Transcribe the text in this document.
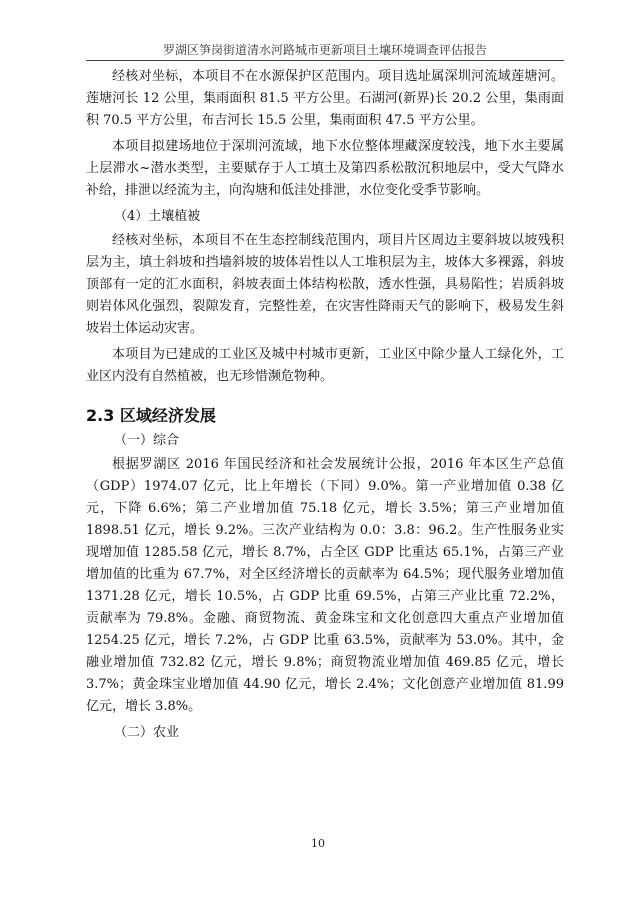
罗湖区笋岗街道清水河路城市更新项目土壤环境调查评估报告

经核对坐标，本项目不在水源保护区范围内。项目选址属深圳河流域莲塘河。莲塘河长 12 公里，集雨面积 81.5 平方公里。石湖河(新界)长 20.2 公里，集雨面积 70.5 平方公里，布吉河长 15.5 公里，集雨面积 47.5 平方公里。

本项目拟建场地位于深圳河流域，地下水位整体埋藏深度较浅，地下水主要属上层滞水~潜水类型，主要赋存于人工填土及第四系松散沉积地层中，受大气降水补给，排泄以经流为主，向沟塘和低洼处排泄，水位变化受季节影响。

（4）土壤植被

经核对坐标，本项目不在生态控制线范围内，项目片区周边主要斜坡以坡残积层为主，填土斜坡和挡墙斜坡的坡体岩性以人工堆积层为主，坡体大多裸露，斜坡顶部有一定的汇水面积，斜坡表面土体结构松散，透水性强，具易陷性；岩质斜坡则岩体风化强烈，裂隙发育，完整性差，在灾害性降雨天气的影响下，极易发生斜坡岩土体运动灾害。

本项目为已建成的工业区及城中村城市更新，工业区中除少量人工绿化外，工业区内没有自然植被，也无珍惜濒危物种。

2.3 区域经济发展
（一）综合

根据罗湖区 2016 年国民经济和社会发展统计公报，2016 年本区生产总值（GDP）1974.07 亿元，比上年增长（下同）9.0%。第一产业增加值 0.38 亿元，下降 6.6%；第二产业增加值 75.18 亿元，增长 3.5%；第三产业增加值 1898.51 亿元，增长 9.2%。三次产业结构为 0.0：3.8：96.2。生产性服务业实现增加值 1285.58 亿元，增长 8.7%，占全区 GDP 比重达 65.1%，占第三产业增加值的比重为 67.7%，对全区经济增长的贡献率为 64.5%；现代服务业增加值 1371.28 亿元，增长 10.5%，占 GDP 比重 69.5%，占第三产业比重 72.2%，贡献率为 79.8%。金融、商贸物流、黄金珠宝和文化创意四大重点产业增加值 1254.25 亿元，增长 7.2%，占 GDP 比重 63.5%，贡献率为 53.0%。其中，金融业增加值 732.82 亿元，增长 9.8%；商贸物流业增加值 469.85 亿元，增长 3.7%；黄金珠宝业增加值 44.90 亿元，增长 2.4%；文化创意产业增加值 81.99 亿元，增长 3.8%。

（二）农业
10
